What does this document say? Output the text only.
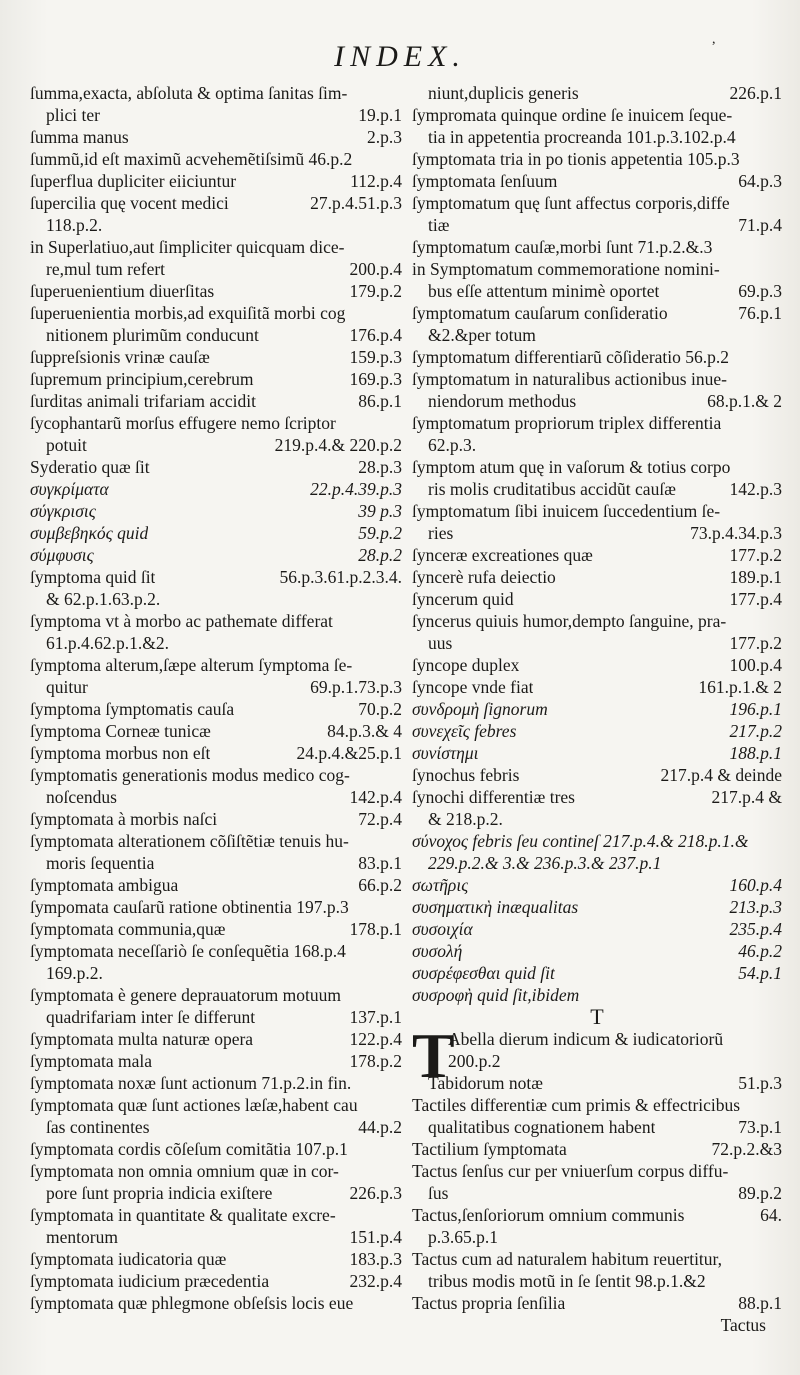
INDEX.
,
ſumma,exacta, abſoluta & optima ſanitas ſim-
plici ter	19.p.1
ſumma manus	2.p.3
ſummũ,id eſt maximũ acvehemẽtiſsimũ 46.p.2
ſuperflua dupliciter eiiciuntur	112.p.4
ſupercilia quę vocent medici	27.p.4.51.p.3
118.p.2.
in Superlatiuo,aut ſimpliciter quicquam dice-
re,mul tum refert	200.p.4
ſuperuenientium diuerſitas	179.p.2
ſuperuenientia morbis,ad exquiſitã morbi cog
nitionem plurimũm conducunt	176.p.4
ſuppreſsionis vrinæ cauſæ	159.p.3
ſupremum principium,cerebrum	169.p.3
ſurditas animali trifariam accidit	86.p.1
ſycophantarũ morſus effugere nemo ſcriptor
potuit	219.p.4.& 220.p.2
Syderatio quæ ſit	28.p.3
συγκρίματα	22.p.4.39.p.3
σύγκρισις	39 p.3
συμβεβηκός quid	59.p.2
σύμφυσις	28.p.2
ſymptoma quid ſit	56.p.3.61.p.2.3.4.
& 62.p.1.63.p.2.
ſymptoma vt à morbo ac pathemate differat
61.p.4.62.p.1.&2.
ſymptoma alterum,ſæpe alterum ſymptoma ſe-
quitur	69.p.1.73.p.3
ſymptoma ſymptomatis cauſa	70.p.2
ſymptoma Corneæ tunicæ	84.p.3.& 4
ſymptoma morbus non eſt	24.p.4.&25.p.1
ſymptomatis generationis modus medico cog-
noſcendus	142.p.4
ſymptomata à morbis naſci	72.p.4
ſymptomata alterationem cõſiſtẽtiæ tenuis hu-
moris ſequentia	83.p.1
ſymptomata ambigua	66.p.2
ſympomata cauſarũ ratione obtinentia 197.p.3
ſymptomata communia,quæ	178.p.1
ſymptomata neceſſariò ſe conſequẽtia 168.p.4
169.p.2.
ſymptomata è genere deprauatorum motuum
quadrifariam inter ſe differunt	137.p.1
ſymptomata multa naturæ opera	122.p.4
ſymptomata mala	178.p.2
ſymptomata noxæ ſunt actionum 71.p.2.in fin.
ſymptomata quæ ſunt actiones læſæ,habent cau
ſas continentes	44.p.2
ſymptomata cordis cõſeſum comitãtia 107.p.1
ſymptomata non omnia omnium quæ in cor-
pore ſunt propria indicia exiſtere	226.p.3
ſymptomata in quantitate & qualitate excre-
mentorum	151.p.4
ſymptomata iudicatoria quæ	183.p.3
ſymptomata iudicium præcedentia	232.p.4
ſymptomata quæ phlegmone obſeſsis locis eue
niunt,duplicis generis	226.p.1
ſympromata quinque ordine ſe inuicem ſeque-
tia in appetentia procreanda 101.p.3.102.p.4
ſymptomata tria in po tionis appetentia 105.p.3
ſymptomata ſenſuum	64.p.3
ſymptomatum quę ſunt affectus corporis,diffe
tiæ	71.p.4
ſymptomatum cauſæ,morbi ſunt 71.p.2.&.3
in Symptomatum commemoratione nomini-
bus eſſe attentum minimè oportet	69.p.3
ſymptomatum cauſarum conſideratio	76.p.1
&2.&per totum
ſymptomatum differentiarũ cõſideratio 56.p.2
ſymptomatum in naturalibus actionibus inue-
niendorum methodus	68.p.1.& 2
ſymptomatum propriorum triplex differentia
62.p.3.
ſymptom atum quę in vaſorum & totius corpo
ris molis cruditatibus accidũt cauſæ	142.p.3
ſymptomatum ſibi inuicem ſuccedentium ſe-
ries	73.p.4.34.p.3
ſynceræ excreationes quæ	177.p.2
ſyncerè rufa deiectio	189.p.1
ſyncerum quid	177.p.4
ſyncerus quiuis humor,dempto ſanguine, pra-
uus	177.p.2
ſyncope duplex	100.p.4
ſyncope vnde fiat	161.p.1.& 2
συνδρομὴ ſignorum	196.p.1
συνεχεῖς febres	217.p.2
συνίστημι	188.p.1
ſynochus febris	217.p.4 & deinde
ſynochi differentiæ tres	217.p.4 &
& 218.p.2.
σύνοχος febris ſeu contineſ 217.p.4.& 218.p.1.&
229.p.2.& 3.& 236.p.3.& 237.p.1
σωτῆρις	160.p.4
συσηματικὴ inæqualitas	213.p.3
συσοιχία	235.p.4
συσολή	46.p.2
συσρέφεσθαι quid ſit	54.p.1
συσροφὴ quid ſit,ibidem
T
T
Abella dierum indicum & iudicatoriorũ
200.p.2
Tabidorum notæ	51.p.3
Tactiles differentiæ cum primis & effectricibus
qualitatibus cognationem habent	73.p.1
Tactilium ſymptomata	72.p.2.&3
Tactus ſenſus cur per vniuerſum corpus diffu-
ſus	89.p.2
Tactus,ſenſoriorum omnium communis	64.
p.3.65.p.1
Tactus cum ad naturalem habitum reuertitur,
tribus modis motũ in ſe ſentit 98.p.1.&2
Tactus propria ſenſilia	88.p.1
Tactus
